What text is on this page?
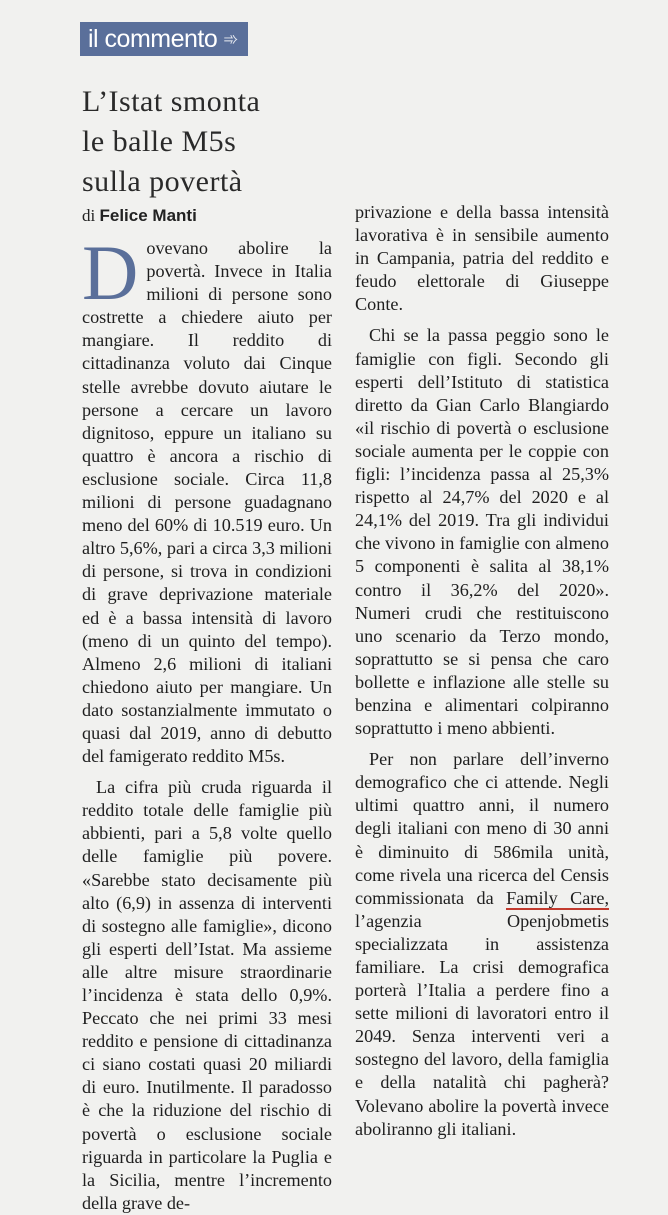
il commento ➾
L’Istat smonta
le balle M5s
sulla povertà
di Felice Manti

Dovevano abolire la povertà. Invece in Italia milioni di persone sono costrette a chiedere aiuto per mangiare. Il reddito di cittadinanza voluto dai Cinque stelle avrebbe dovuto aiutare le persone a cercare un lavoro dignitoso, eppure un italiano su quattro è ancora a rischio di esclusione sociale. Circa 11,8 milioni di persone guadagnano meno del 60% di 10.519 euro. Un altro 5,6%, pari a circa 3,3 milioni di persone, si trova in condizioni di grave deprivazione materiale ed è a bassa intensità di lavoro (meno di un quinto del tempo). Almeno 2,6 milioni di italiani chiedono aiuto per mangiare. Un dato sostanzialmente immutato o quasi dal 2019, anno di debutto del famigerato reddito M5s.

La cifra più cruda riguarda il reddito totale delle famiglie più abbienti, pari a 5,8 volte quello delle famiglie più povere. «Sarebbe stato decisamente più alto (6,9) in assenza di interventi di sostegno alle famiglie», dicono gli esperti dell’Istat. Ma assieme alle altre misure straordinarie l’incidenza è stata dello 0,9%. Peccato che nei primi 33 mesi reddito e pensione di cittadinanza ci siano costati quasi 20 miliardi di euro. Inutilmente. Il paradosso è che la riduzione del rischio di povertà o esclusione sociale riguarda in particolare la Puglia e la Sicilia, mentre l’incremento della grave de-

privazione e della bassa intensità lavorativa è in sensibile aumento in Campania, patria del reddito e feudo elettorale di Giuseppe Conte.

Chi se la passa peggio sono le famiglie con figli. Secondo gli esperti dell’Istituto di statistica diretto da Gian Carlo Blangiardo «il rischio di povertà o esclusione sociale aumenta per le coppie con figli: l’incidenza passa al 25,3% rispetto al 24,7% del 2020 e al 24,1% del 2019. Tra gli individui che vivono in famiglie con almeno 5 componenti è salita al 38,1% contro il 36,2% del 2020». Numeri crudi che restituiscono uno scenario da Terzo mondo, soprattutto se si pensa che caro bollette e inflazione alle stelle su benzina e alimentari colpiranno soprattutto i meno abbienti.

Per non parlare dell’inverno demografico che ci attende. Negli ultimi quattro anni, il numero degli italiani con meno di 30 anni è diminuito di 586mila unità, come rivela una ricerca del Censis commissionata da Family Care, l’agenzia Openjobmetis specializzata in assistenza familiare. La crisi demografica porterà l’Italia a perdere fino a sette milioni di lavoratori entro il 2049. Senza interventi veri a sostegno del lavoro, della famiglia e della natalità chi pagherà? Volevano abolire la povertà invece aboliranno gli italiani.
